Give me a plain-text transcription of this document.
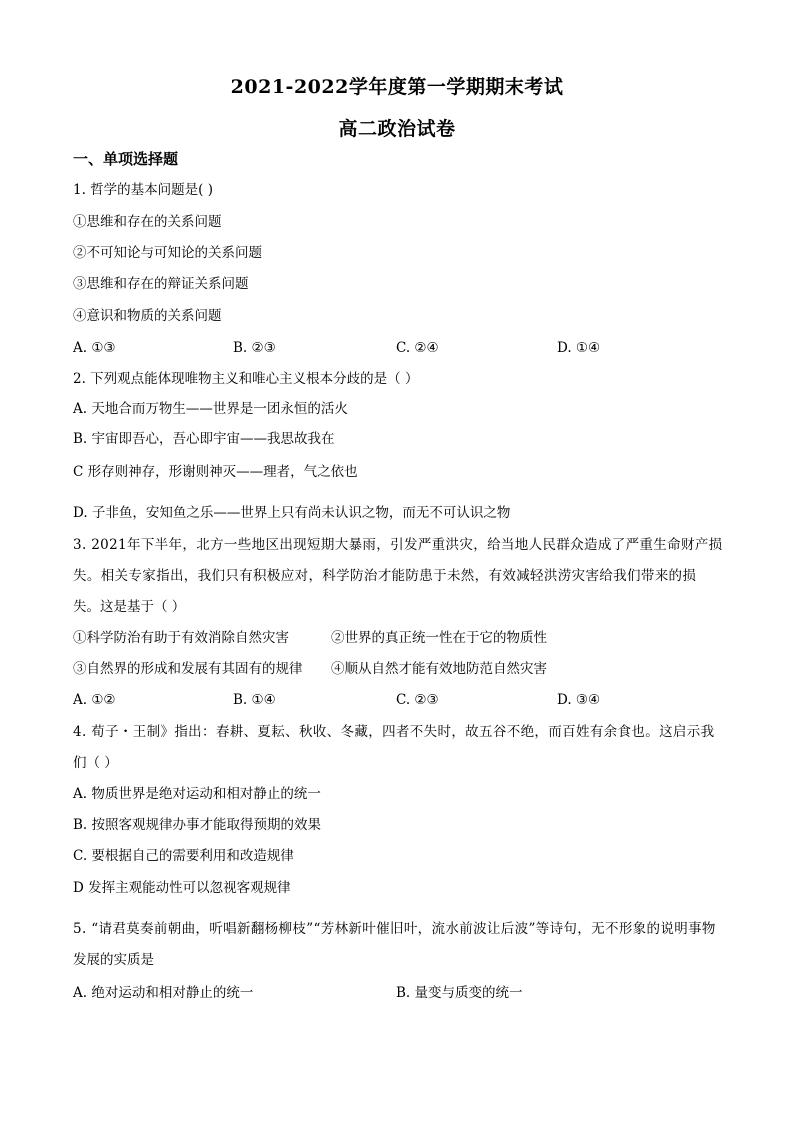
2021-2022学年度第一学期期末考试
高二政治试卷
一、单项选择题
1. 哲学的基本问题是( )
①思维和存在的关系问题
②不可知论与可知论的关系问题
③思维和存在的辩证关系问题
④意识和物质的关系问题
A. ①③	B. ②③	C. ②④	D. ①④
2. 下列观点能体现唯物主义和唯心主义根本分歧的是（ ）
A. 天地合而万物生——世界是一团永恒的活火
B. 宇宙即吾心，吾心即宇宙——我思故我在
C 形存则神存，形谢则神灭——理者，气之依也
D. 子非鱼，安知鱼之乐——世界上只有尚未认识之物，而无不可认识之物
3. 2021年下半年，北方一些地区出现短期大暴雨，引发严重洪灾，给当地人民群众造成了严重生命财产损
失。相关专家指出，我们只有积极应对，科学防治才能防患于未然，有效减轻洪涝灾害给我们带来的损
失。这是基于（ ）
①科学防治有助于有效消除自然灾害	②世界的真正统一性在于它的物质性
③自然界的形成和发展有其固有的规律 ④顺从自然才能有效地防范自然灾害
A. ①②	B. ①④	C. ②③	D. ③④
4. 荀子・王制》指出：春耕、夏耘、秋收、冬藏，四者不失时，故五谷不绝，而百姓有余食也。这启示我
们（ ）
A. 物质世界是绝对运动和相对静止的统一
B. 按照客观规律办事才能取得预期的效果
C. 要根据自己的需要利用和改造规律
D 发挥主观能动性可以忽视客观规律
5. “请君莫奏前朝曲，听唱新翻杨柳枝”“芳林新叶催旧叶，流水前波让后波”等诗句，无不形象的说明事物
发展的实质是
A. 绝对运动和相对静止的统一	B. 量变与质变的统一
